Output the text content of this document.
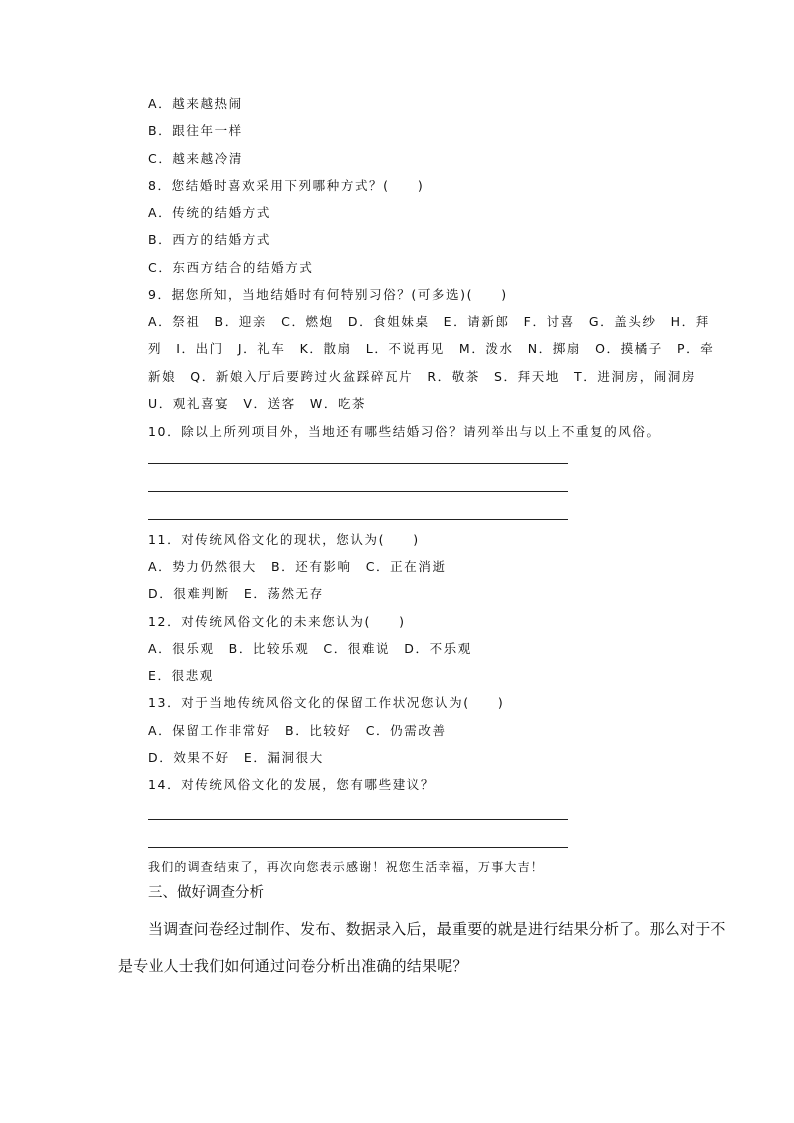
A．越来越热闹
B．跟往年一样
C．越来越冷清
8．您结婚时喜欢采用下列哪种方式？(　　)
A．传统的结婚方式
B．西方的结婚方式
C．东西方结合的结婚方式
9．据您所知，当地结婚时有何特别习俗？(可多选)(　　)
A．祭祖　B．迎亲　C．燃炮　D．食姐妹桌　E．请新郎　F．讨喜　G．盖头纱　H．拜
列　I．出门　J．礼车　K．散扇　L．不说再见　M．泼水　N．掷扇　O．摸橘子　P．牵
新娘　Q．新娘入厅后要跨过火盆踩碎瓦片　R．敬茶　S．拜天地　T．进洞房，闹洞房
U．观礼喜宴　V．送客　W．吃茶
10．除以上所列项目外，当地还有哪些结婚习俗？请列举出与以上不重复的风俗。
11．对传统风俗文化的现状，您认为(　　)
A．势力仍然很大　B．还有影响　C．正在消逝
D．很难判断　E．荡然无存
12．对传统风俗文化的未来您认为(　　)
A．很乐观　B．比较乐观　C．很难说　D．不乐观
E．很悲观
13．对于当地传统风俗文化的保留工作状况您认为(　　)
A．保留工作非常好　B．比较好　C．仍需改善
D．效果不好　E．漏洞很大
14．对传统风俗文化的发展，您有哪些建议？
我们的调查结束了，再次向您表示感谢！祝您生活幸福，万事大吉！
三、做好调查分析
当调查问卷经过制作、发布、数据录入后，最重要的就是进行结果分析了。那么对于不
是专业人士我们如何通过问卷分析出准确的结果呢？
